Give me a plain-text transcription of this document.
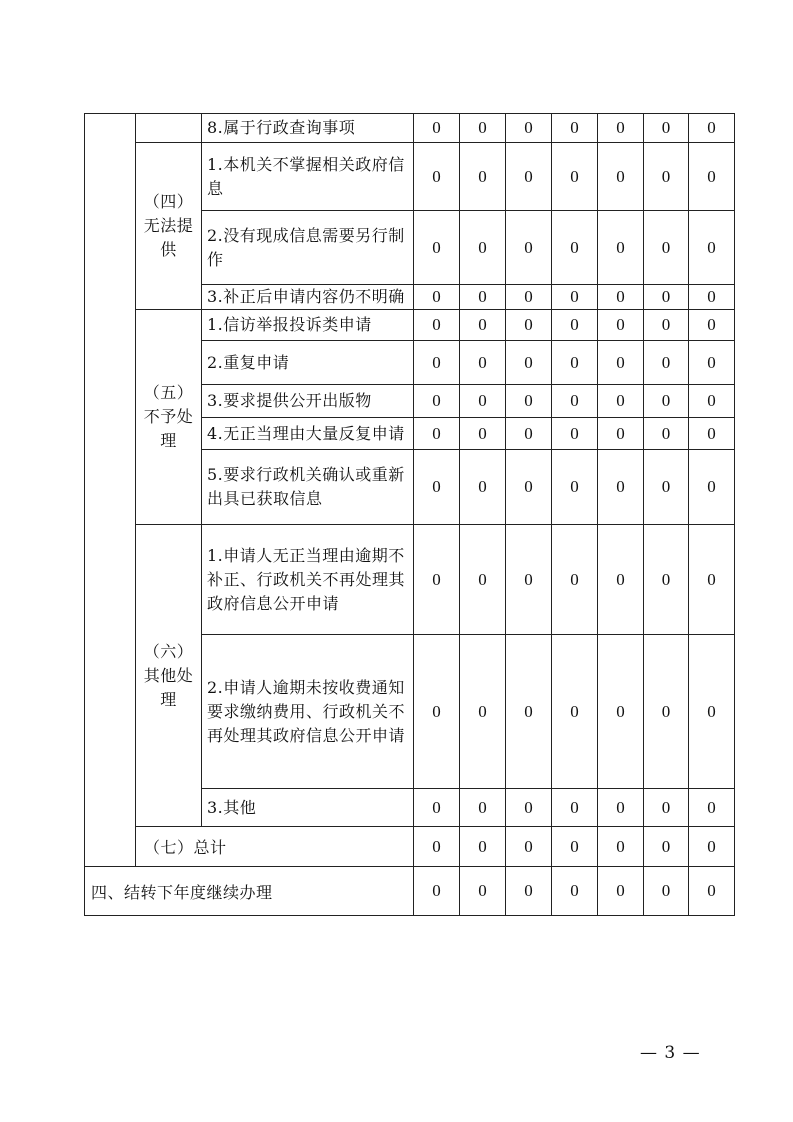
		8.属于行政查询事项	0	0	0	0	0	0	0
	（四）无法提供	1.本机关不掌握相关政府信息	0	0	0	0	0	0	0
		2.没有现成信息需要另行制作	0	0	0	0	0	0	0
		3.补正后申请内容仍不明确	0	0	0	0	0	0	0
	（五）不予处理	1.信访举报投诉类申请	0	0	0	0	0	0	0
		2.重复申请	0	0	0	0	0	0	0
		3.要求提供公开出版物	0	0	0	0	0	0	0
		4.无正当理由大量反复申请	0	0	0	0	0	0	0
		5.要求行政机关确认或重新出具已获取信息	0	0	0	0	0	0	0
	（六）其他处理	1.申请人无正当理由逾期不补正、行政机关不再处理其政府信息公开申请	0	0	0	0	0	0	0
		2.申请人逾期未按收费通知要求缴纳费用、行政机关不再处理其政府信息公开申请	0	0	0	0	0	0	0
		3.其他	0	0	0	0	0	0	0
	（七）总计		0	0	0	0	0	0	0
四、结转下年度继续办理			0	0	0	0	0	0	0
— 3 —
